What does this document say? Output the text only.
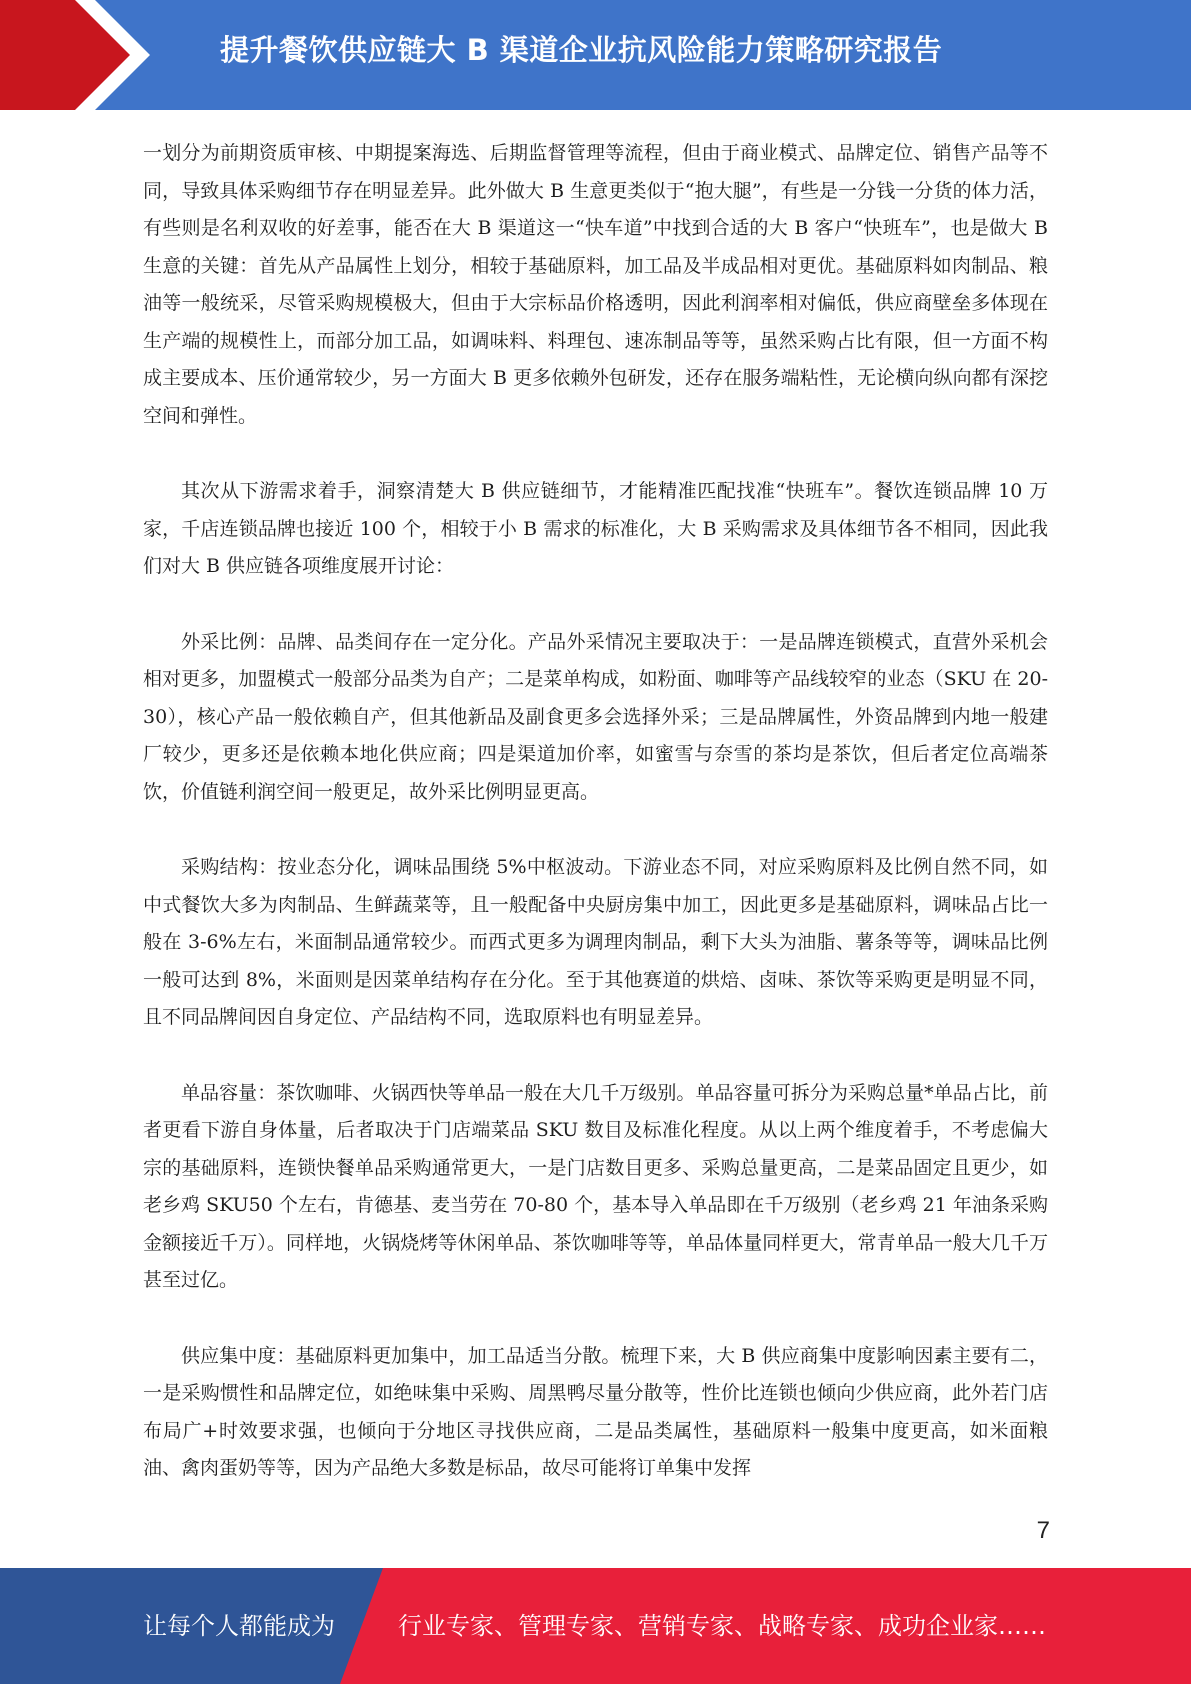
提升餐饮供应链大 B 渠道企业抗风险能力策略研究报告

一划分为前期资质审核、中期提案海选、后期监督管理等流程，但由于商业模式、品牌定位、销售产品等不同，导致具体采购细节存在明显差异。此外做大 B 生意更类似于“抱大腿”，有些是一分钱一分货的体力活，有些则是名利双收的好差事，能否在大 B 渠道这一“快车道”中找到合适的大 B 客户“快班车”，也是做大 B 生意的关键：首先从产品属性上划分，相较于基础原料，加工品及半成品相对更优。基础原料如肉制品、粮油等一般统采，尽管采购规模极大，但由于大宗标品价格透明，因此利润率相对偏低，供应商壁垒多体现在生产端的规模性上，而部分加工品，如调味料、料理包、速冻制品等等，虽然采购占比有限，但一方面不构成主要成本、压价通常较少，另一方面大 B 更多依赖外包研发，还存在服务端粘性，无论横向纵向都有深挖空间和弹性。

其次从下游需求着手，洞察清楚大 B 供应链细节，才能精准匹配找准“快班车”。餐饮连锁品牌 10 万家，千店连锁品牌也接近 100 个，相较于小 B 需求的标准化，大 B 采购需求及具体细节各不相同，因此我们对大 B 供应链各项维度展开讨论：

外采比例：品牌、品类间存在一定分化。产品外采情况主要取决于：一是品牌连锁模式，直营外采机会相对更多，加盟模式一般部分品类为自产；二是菜单构成，如粉面、咖啡等产品线较窄的业态（SKU 在 20-30），核心产品一般依赖自产，但其他新品及副食更多会选择外采；三是品牌属性，外资品牌到内地一般建厂较少，更多还是依赖本地化供应商；四是渠道加价率，如蜜雪与奈雪的茶均是茶饮，但后者定位高端茶饮，价值链利润空间一般更足，故外采比例明显更高。

采购结构：按业态分化，调味品围绕 5%中枢波动。下游业态不同，对应采购原料及比例自然不同，如中式餐饮大多为肉制品、生鲜蔬菜等，且一般配备中央厨房集中加工，因此更多是基础原料，调味品占比一般在 3-6%左右，米面制品通常较少。而西式更多为调理肉制品，剩下大头为油脂、薯条等等，调味品比例一般可达到 8%，米面则是因菜单结构存在分化。至于其他赛道的烘焙、卤味、茶饮等采购更是明显不同，且不同品牌间因自身定位、产品结构不同，选取原料也有明显差异。

单品容量：茶饮咖啡、火锅西快等单品一般在大几千万级别。单品容量可拆分为采购总量*单品占比，前者更看下游自身体量，后者取决于门店端菜品 SKU 数目及标准化程度。从以上两个维度着手，不考虑偏大宗的基础原料，连锁快餐单品采购通常更大，一是门店数目更多、采购总量更高，二是菜品固定且更少，如老乡鸡 SKU50 个左右，肯德基、麦当劳在 70-80 个，基本导入单品即在千万级别（老乡鸡 21 年油条采购金额接近千万）。同样地，火锅烧烤等休闲单品、茶饮咖啡等等，单品体量同样更大，常青单品一般大几千万甚至过亿。

供应集中度：基础原料更加集中，加工品适当分散。梳理下来，大 B 供应商集中度影响因素主要有二，一是采购惯性和品牌定位，如绝味集中采购、周黑鸭尽量分散等，性价比连锁也倾向少供应商，此外若门店布局广+时效要求强，也倾向于分地区寻找供应商，二是品类属性，基础原料一般集中度更高，如米面粮油、禽肉蛋奶等等，因为产品绝大多数是标品，故尽可能将订单集中发挥

7
让每个人都能成为	行业专家、管理专家、营销专家、战略专家、成功企业家……
